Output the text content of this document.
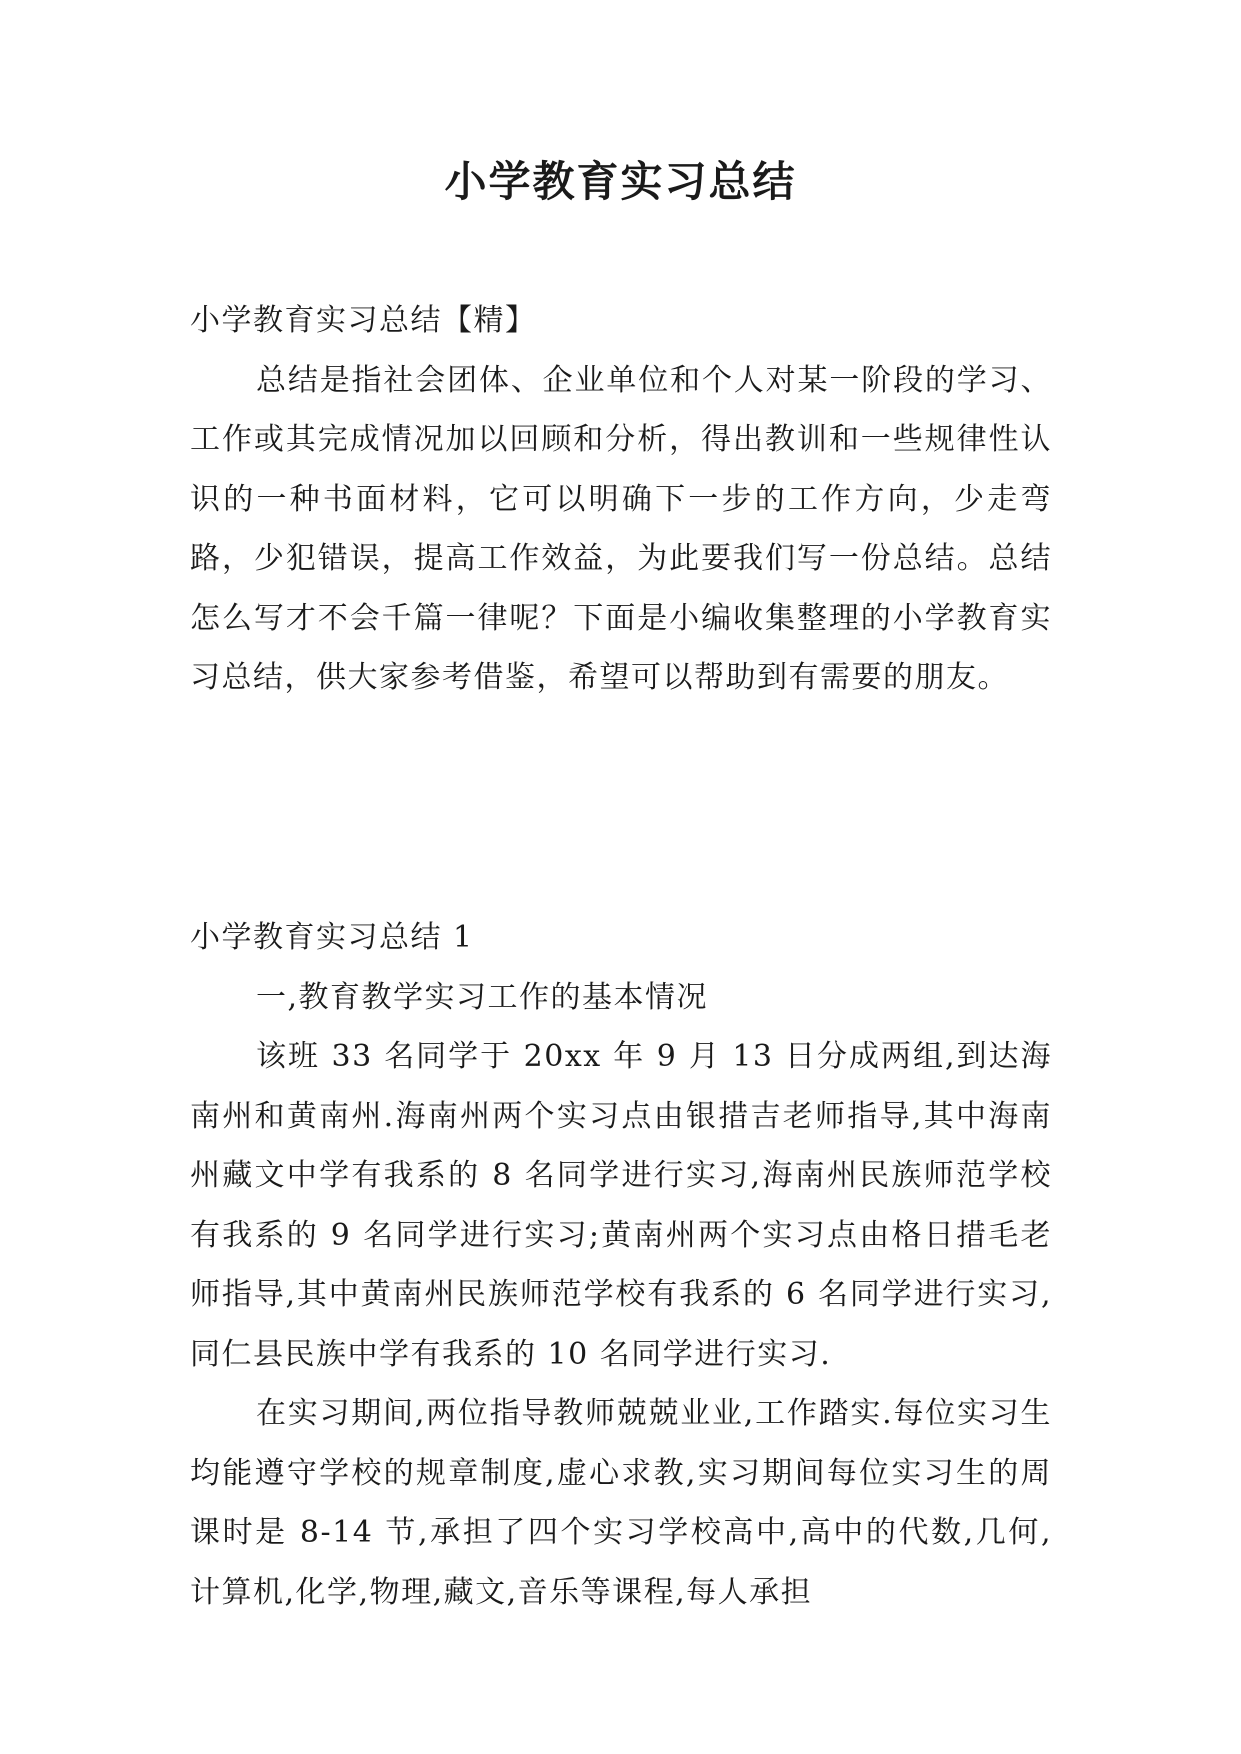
小学教育实习总结

小学教育实习总结【精】

总结是指社会团体、企业单位和个人对某一阶段的学习、工作或其完成情况加以回顾和分析，得出教训和一些规律性认识的一种书面材料，它可以明确下一步的工作方向，少走弯路，少犯错误，提高工作效益，为此要我们写一份总结。总结怎么写才不会千篇一律呢？下面是小编收集整理的小学教育实习总结，供大家参考借鉴，希望可以帮助到有需要的朋友。

小学教育实习总结 1

一,教育教学实习工作的基本情况

该班 33 名同学于 20xx 年 9 月 13 日分成两组,到达海南州和黄南州.海南州两个实习点由银措吉老师指导,其中海南州藏文中学有我系的 8 名同学进行实习,海南州民族师范学校有我系的 9 名同学进行实习;黄南州两个实习点由格日措毛老师指导,其中黄南州民族师范学校有我系的 6 名同学进行实习,同仁县民族中学有我系的 10 名同学进行实习.

在实习期间,两位指导教师兢兢业业,工作踏实.每位实习生均能遵守学校的规章制度,虚心求教,实习期间每位实习生的周课时是 8-14 节,承担了四个实习学校高中,高中的代数,几何,计算机,化学,物理,藏文,音乐等课程,每人承担
